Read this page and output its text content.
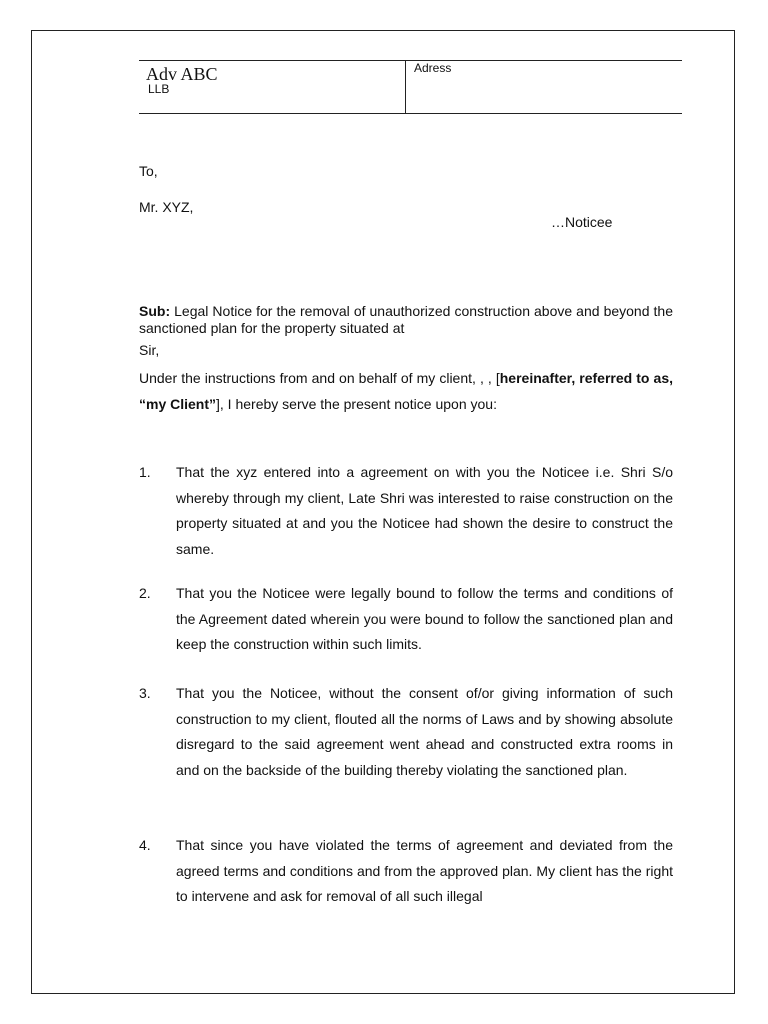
Adv ABC
LLB
Adress
To,
Mr. XYZ,
…Noticee
Sub: Legal Notice for the removal of unauthorized construction above and beyond the sanctioned plan for the property situated at
Sir,
Under the instructions from and on behalf of my client, , , [hereinafter, referred to as, “my Client”], I hereby serve the present notice upon you:
1. That the xyz entered into a agreement on with you the Noticee i.e. Shri S/o whereby through my client, Late Shri was interested to raise construction on the property situated at and you the Noticee had shown the desire to construct the same.
2. That you the Noticee were legally bound to follow the terms and conditions of the Agreement dated wherein you were bound to follow the sanctioned plan and keep the construction within such limits.
3. That you the Noticee, without the consent of/or giving information of such construction to my client, flouted all the norms of Laws and by showing absolute disregard to the said agreement went ahead and constructed extra rooms in and on the backside of the building thereby violating the sanctioned plan.
4. That since you have violated the terms of agreement and deviated from the agreed terms and conditions and from the approved plan. My client has the right to intervene and ask for removal of all such illegal
